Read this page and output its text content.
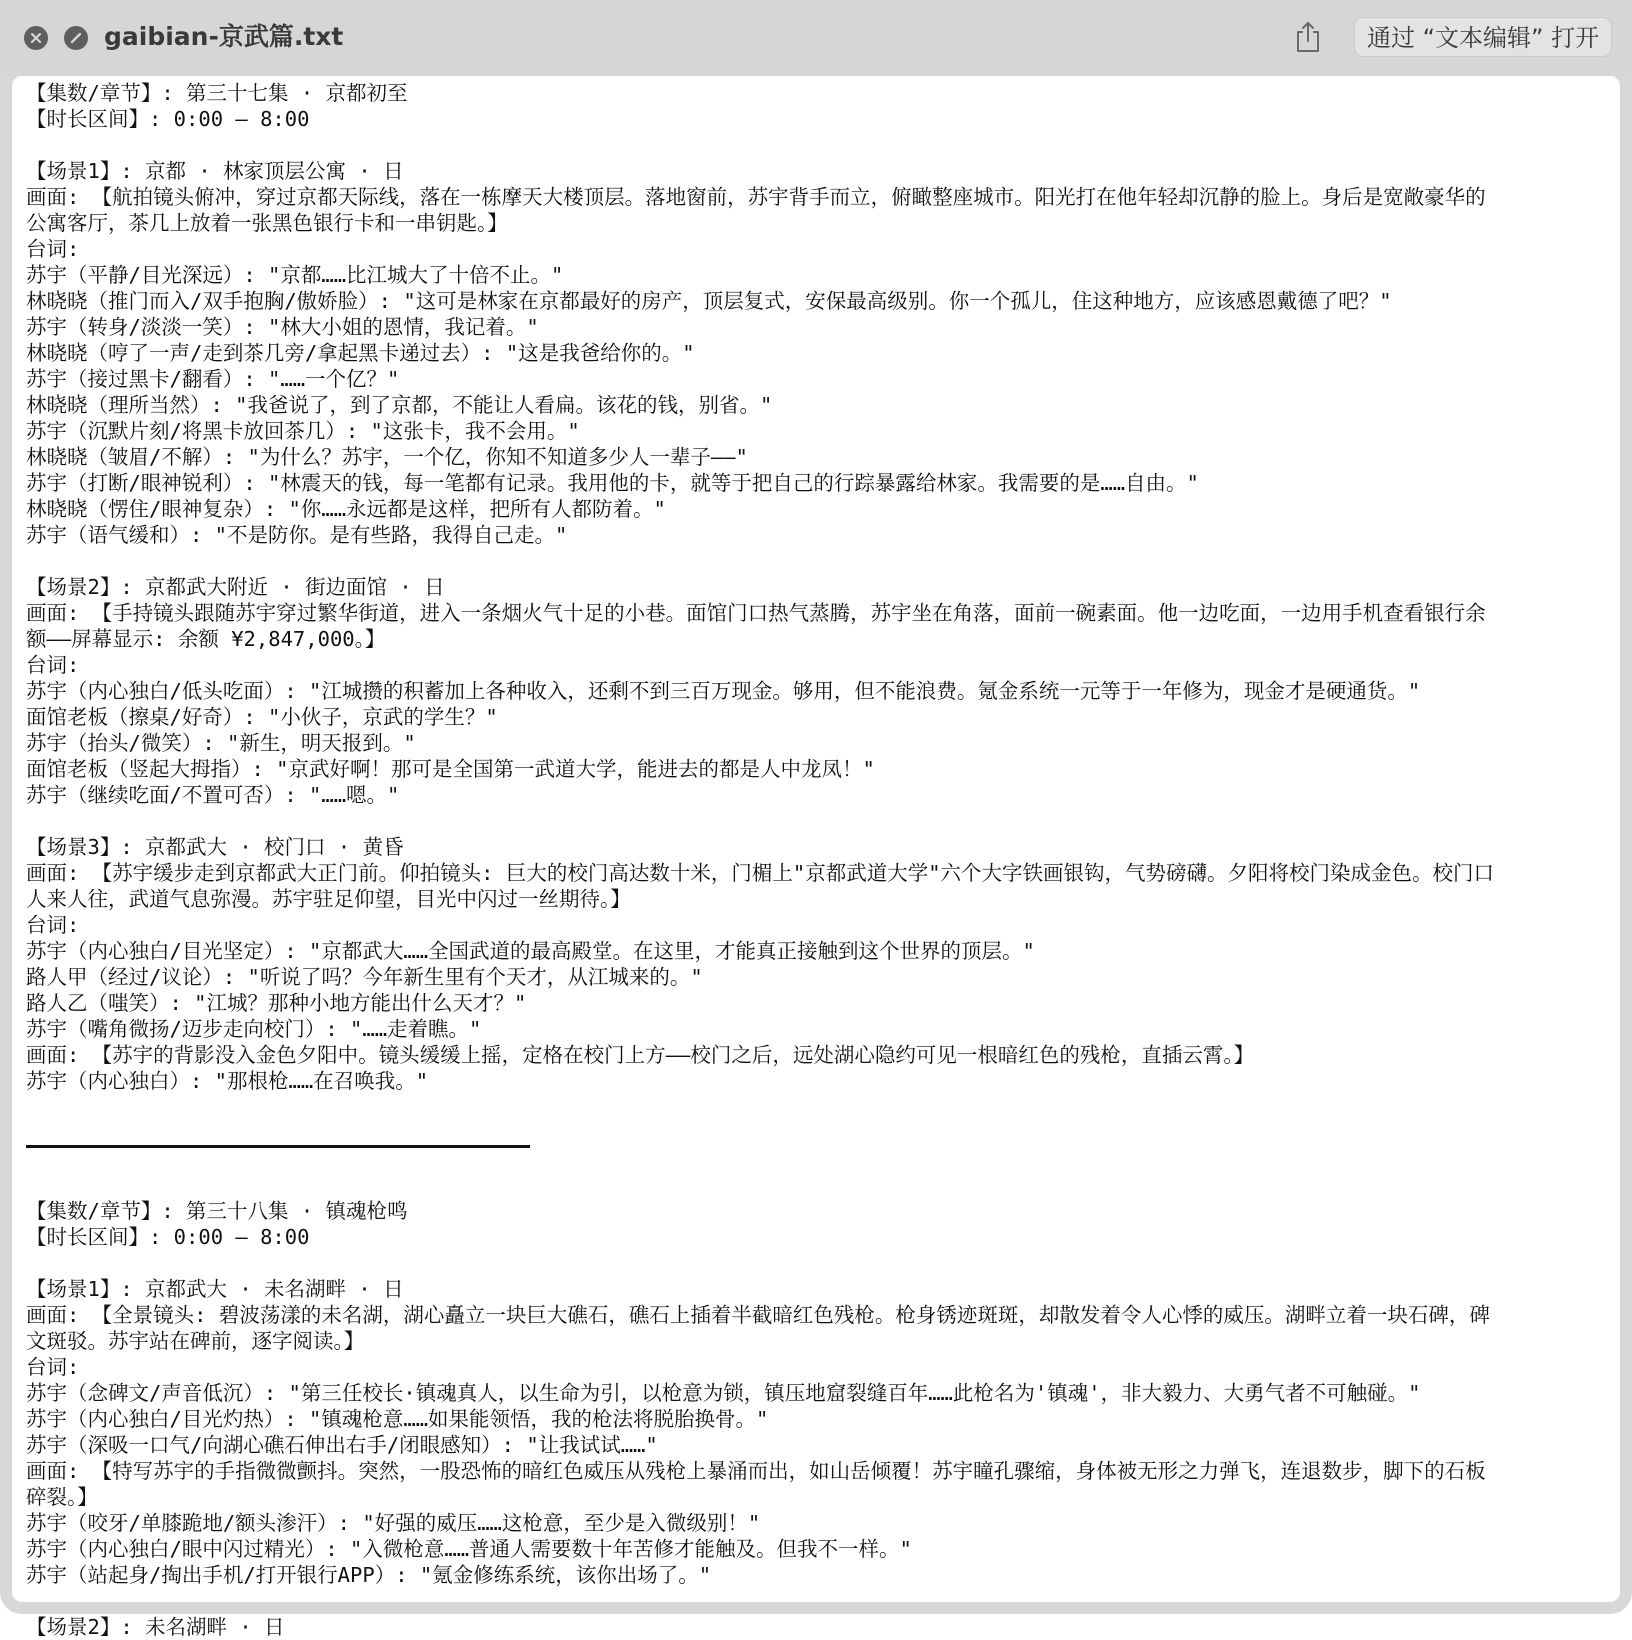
gaibian-京武篇.txt	通过 “文本编辑” 打开
【集数/章节】: 第三十七集 · 京都初至
【时长区间】: 0:00 – 8:00
【场景1】: 京都 · 林家顶层公寓 · 日
画面: 【航拍镜头俯冲，穿过京都天际线，落在一栋摩天大楼顶层。落地窗前，苏宇背手而立，俯瞰整座城市。阳光打在他年轻却沉静的脸上。身后是宽敞豪华的
公寓客厅，茶几上放着一张黑色银行卡和一串钥匙。】
台词:
苏宇（平静/目光深远）: "京都……比江城大了十倍不止。"
林晓晓（推门而入/双手抱胸/傲娇脸）: "这可是林家在京都最好的房产，顶层复式，安保最高级别。你一个孤儿，住这种地方，应该感恩戴德了吧？"
苏宇（转身/淡淡一笑）: "林大小姐的恩情，我记着。"
林晓晓（哼了一声/走到茶几旁/拿起黑卡递过去）: "这是我爸给你的。"
苏宇（接过黑卡/翻看）: "……一个亿？"
林晓晓（理所当然）: "我爸说了，到了京都，不能让人看扁。该花的钱，别省。"
苏宇（沉默片刻/将黑卡放回茶几）: "这张卡，我不会用。"
林晓晓（皱眉/不解）: "为什么？苏宇，一个亿，你知不知道多少人一辈子——"
苏宇（打断/眼神锐利）: "林震天的钱，每一笔都有记录。我用他的卡，就等于把自己的行踪暴露给林家。我需要的是……自由。"
林晓晓（愣住/眼神复杂）: "你……永远都是这样，把所有人都防着。"
苏宇（语气缓和）: "不是防你。是有些路，我得自己走。"
【场景2】: 京都武大附近 · 街边面馆 · 日
画面: 【手持镜头跟随苏宇穿过繁华街道，进入一条烟火气十足的小巷。面馆门口热气蒸腾，苏宇坐在角落，面前一碗素面。他一边吃面，一边用手机查看银行余
额——屏幕显示: 余额 ¥2,847,000。】
台词:
苏宇（内心独白/低头吃面）: "江城攒的积蓄加上各种收入，还剩不到三百万现金。够用，但不能浪费。氪金系统一元等于一年修为，现金才是硬通货。"
面馆老板（擦桌/好奇）: "小伙子，京武的学生？"
苏宇（抬头/微笑）: "新生，明天报到。"
面馆老板（竖起大拇指）: "京武好啊！那可是全国第一武道大学，能进去的都是人中龙凤！"
苏宇（继续吃面/不置可否）: "……嗯。"
【场景3】: 京都武大 · 校门口 · 黄昏
画面: 【苏宇缓步走到京都武大正门前。仰拍镜头: 巨大的校门高达数十米，门楣上"京都武道大学"六个大字铁画银钩，气势磅礴。夕阳将校门染成金色。校门口
人来人往，武道气息弥漫。苏宇驻足仰望，目光中闪过一丝期待。】
台词:
苏宇（内心独白/目光坚定）: "京都武大……全国武道的最高殿堂。在这里，才能真正接触到这个世界的顶层。"
路人甲（经过/议论）: "听说了吗？今年新生里有个天才，从江城来的。"
路人乙（嗤笑）: "江城？那种小地方能出什么天才？"
苏宇（嘴角微扬/迈步走向校门）: "……走着瞧。"
画面: 【苏宇的背影没入金色夕阳中。镜头缓缓上摇，定格在校门上方——校门之后，远处湖心隐约可见一根暗红色的残枪，直插云霄。】
苏宇（内心独白）: "那根枪……在召唤我。"
【集数/章节】: 第三十八集 · 镇魂枪鸣
【时长区间】: 0:00 – 8:00
【场景1】: 京都武大 · 未名湖畔 · 日
画面: 【全景镜头: 碧波荡漾的未名湖，湖心矗立一块巨大礁石，礁石上插着半截暗红色残枪。枪身锈迹斑斑，却散发着令人心悸的威压。湖畔立着一块石碑，碑
文斑驳。苏宇站在碑前，逐字阅读。】
台词:
苏宇（念碑文/声音低沉）: "第三任校长·镇魂真人，以生命为引，以枪意为锁，镇压地窟裂缝百年……此枪名为'镇魂'，非大毅力、大勇气者不可触碰。"
苏宇（内心独白/目光灼热）: "镇魂枪意……如果能领悟，我的枪法将脱胎换骨。"
苏宇（深吸一口气/向湖心礁石伸出右手/闭眼感知）: "让我试试……"
画面: 【特写苏宇的手指微微颤抖。突然，一股恐怖的暗红色威压从残枪上暴涌而出，如山岳倾覆！苏宇瞳孔骤缩，身体被无形之力弹飞，连退数步，脚下的石板
碎裂。】
苏宇（咬牙/单膝跪地/额头渗汗）: "好强的威压……这枪意，至少是入微级别！"
苏宇（内心独白/眼中闪过精光）: "入微枪意……普通人需要数十年苦修才能触及。但我不一样。"
苏宇（站起身/掏出手机/打开银行APP）: "氪金修练系统，该你出场了。"
【场景2】: 未名湖畔 · 日
